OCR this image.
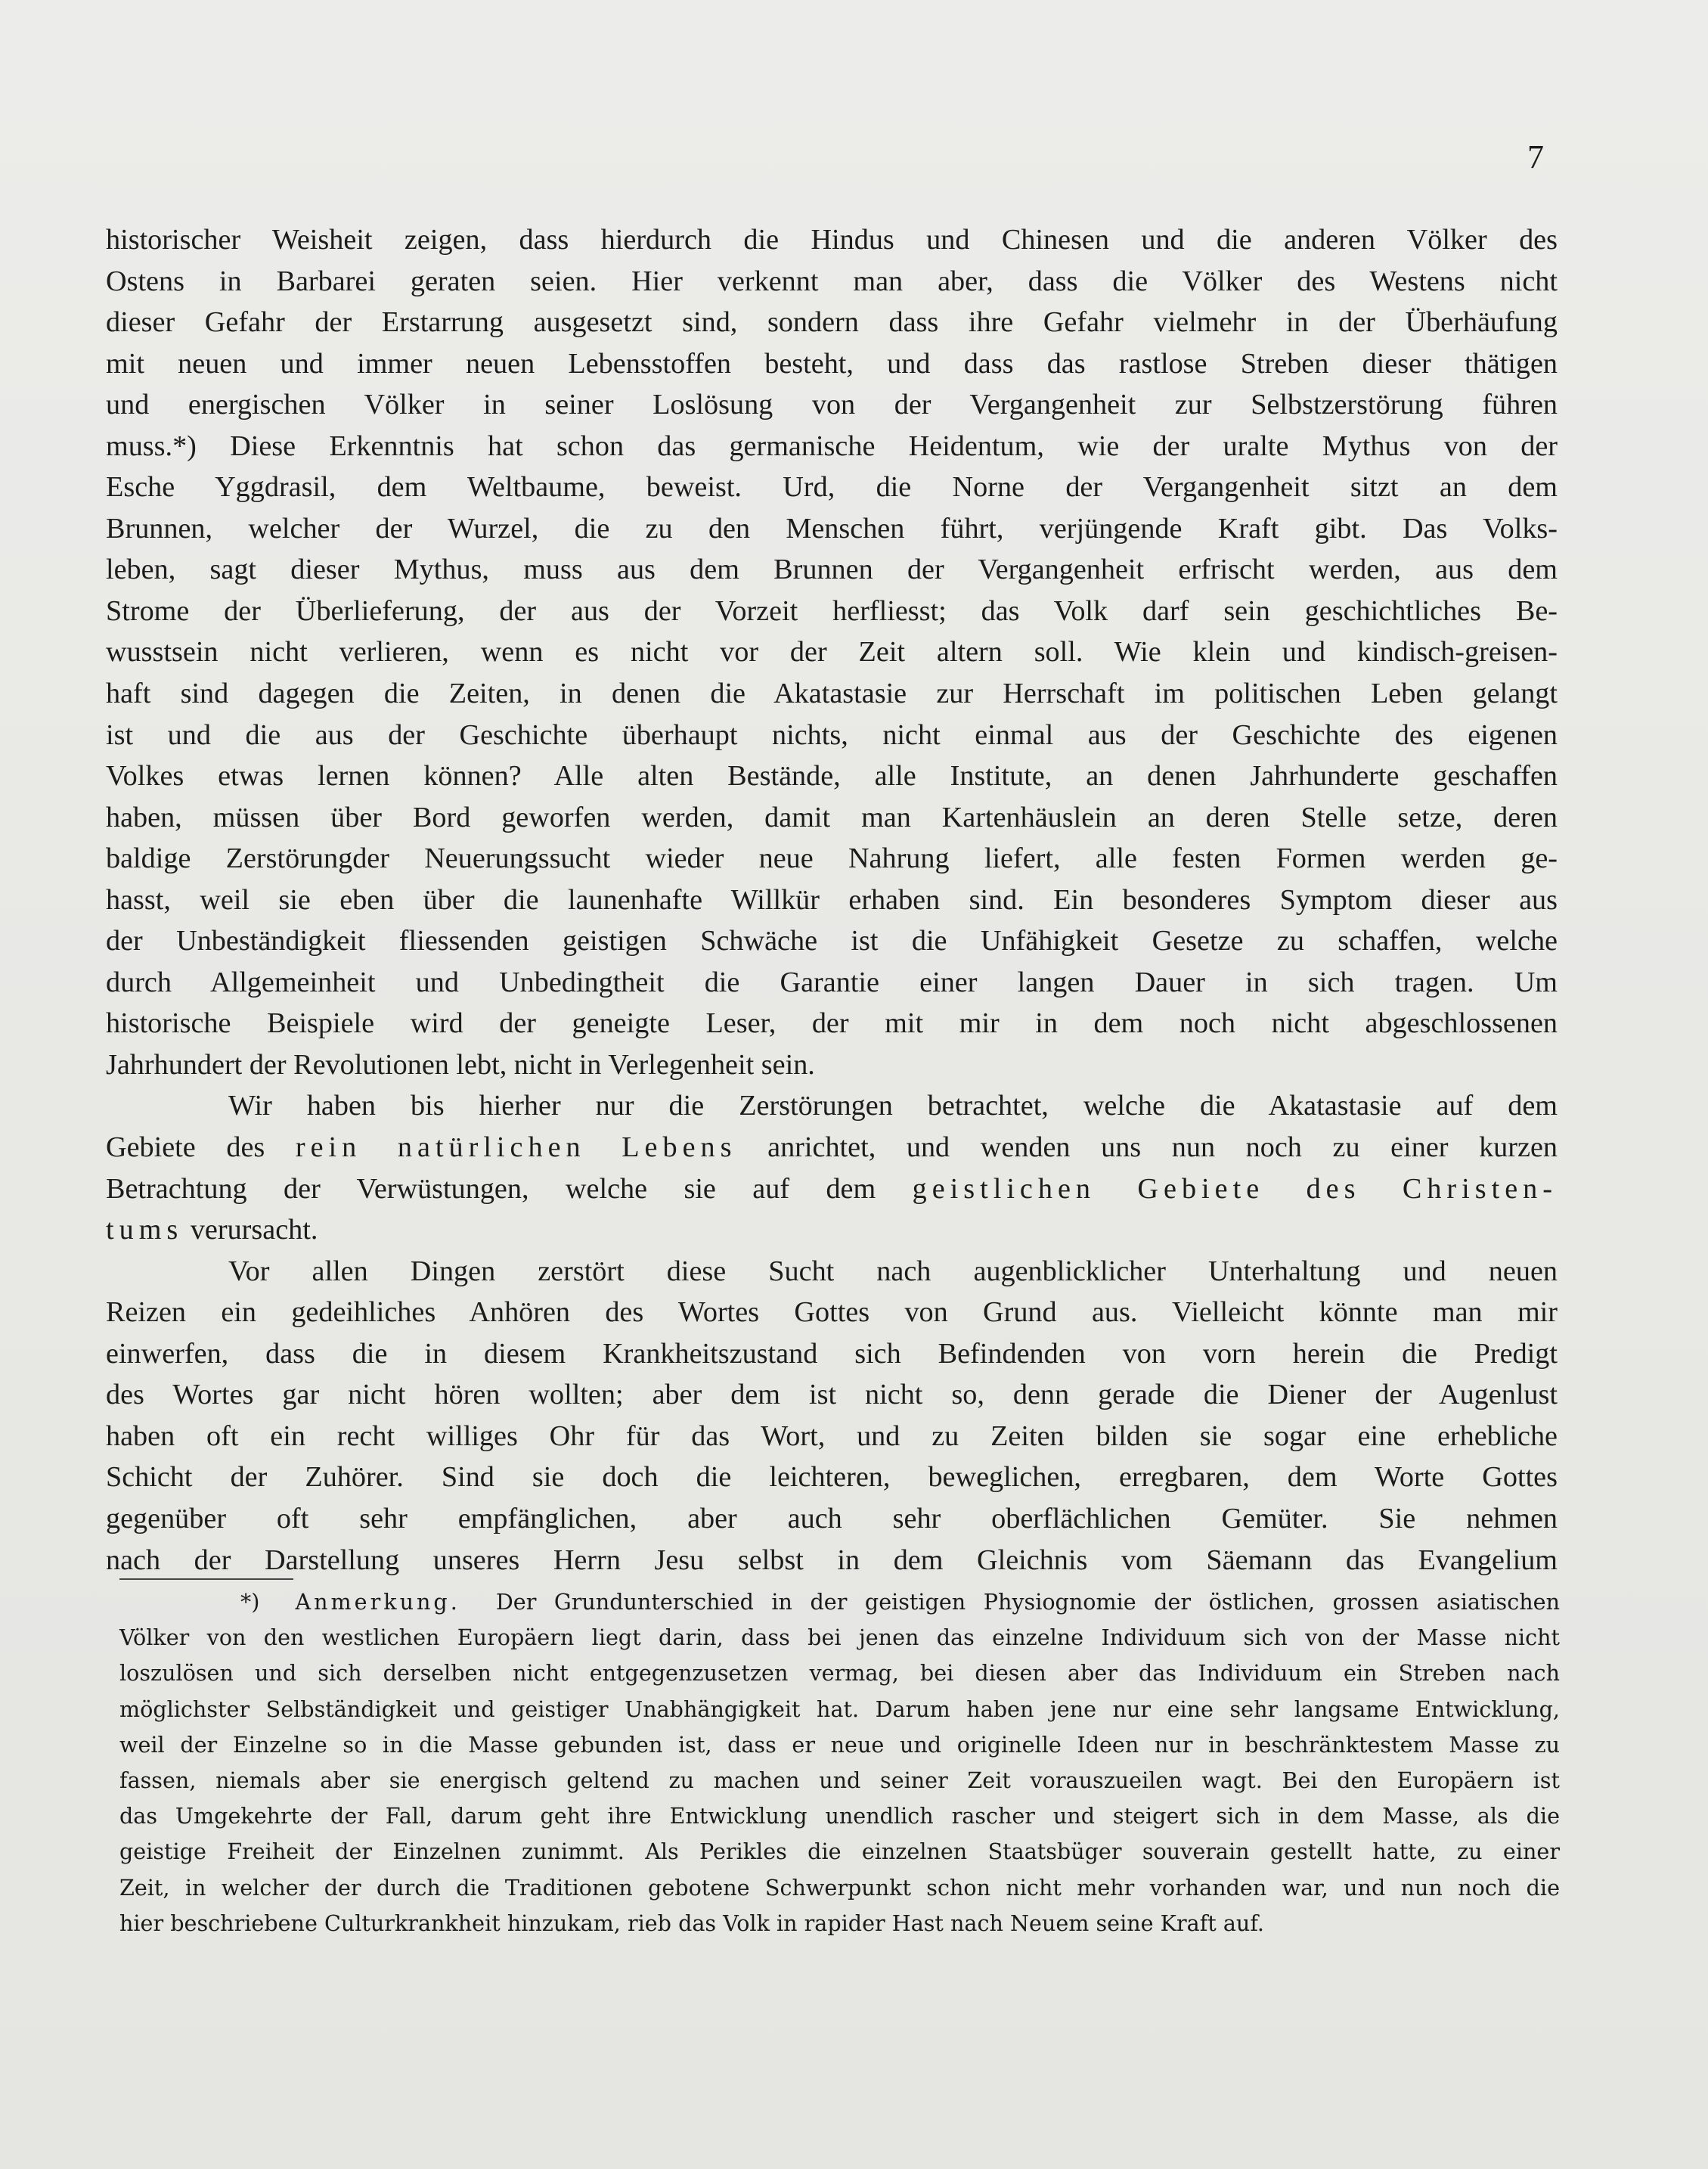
7
historischer Weisheit zeigen, dass hierdurch die Hindus und Chinesen und die anderen Völker des
Ostens in Barbarei geraten seien. Hier verkennt man aber, dass die Völker des Westens nicht
dieser Gefahr der Erstarrung ausgesetzt sind, sondern dass ihre Gefahr vielmehr in der Überhäufung
mit neuen und immer neuen Lebensstoffen besteht, und dass das rastlose Streben dieser thätigen
und energischen Völker in seiner Loslösung von der Vergangenheit zur Selbstzerstörung führen
muss.*) Diese Erkenntnis hat schon das germanische Heidentum, wie der uralte Mythus von der
Esche Yggdrasil, dem Weltbaume, beweist. Urd, die Norne der Vergangenheit sitzt an dem
Brunnen, welcher der Wurzel, die zu den Menschen führt, verjüngende Kraft gibt. Das Volks-
leben, sagt dieser Mythus, muss aus dem Brunnen der Vergangenheit erfrischt werden, aus dem
Strome der Überlieferung, der aus der Vorzeit herfliesst; das Volk darf sein geschichtliches Be-
wusstsein nicht verlieren, wenn es nicht vor der Zeit altern soll. Wie klein und kindisch-greisen-
haft sind dagegen die Zeiten, in denen die Akatastasie zur Herrschaft im politischen Leben gelangt
ist und die aus der Geschichte überhaupt nichts, nicht einmal aus der Geschichte des eigenen
Volkes etwas lernen können? Alle alten Bestände, alle Institute, an denen Jahrhunderte geschaffen
haben, müssen über Bord geworfen werden, damit man Kartenhäuslein an deren Stelle setze, deren
baldige Zerstörungder Neuerungssucht wieder neue Nahrung liefert, alle festen Formen werden ge-
hasst, weil sie eben über die launenhafte Willkür erhaben sind. Ein besonderes Symptom dieser aus
der Unbeständigkeit fliessenden geistigen Schwäche ist die Unfähigkeit Gesetze zu schaffen, welche
durch Allgemeinheit und Unbedingtheit die Garantie einer langen Dauer in sich tragen. Um
historische Beispiele wird der geneigte Leser, der mit mir in dem noch nicht abgeschlossenen
Jahrhundert der Revolutionen lebt, nicht in Verlegenheit sein.
Wir haben bis hierher nur die Zerstörungen betrachtet, welche die Akatastasie auf dem
Gebiete des rein natürlichen Lebens anrichtet, und wenden uns nun noch zu einer kurzen
Betrachtung der Verwüstungen, welche sie auf dem geistlichen Gebiete des Christen-
tums verursacht.
Vor allen Dingen zerstört diese Sucht nach augenblicklicher Unterhaltung und neuen
Reizen ein gedeihliches Anhören des Wortes Gottes von Grund aus. Vielleicht könnte man mir
einwerfen, dass die in diesem Krankheitszustand sich Befindenden von vorn herein die Predigt
des Wortes gar nicht hören wollten; aber dem ist nicht so, denn gerade die Diener der Augenlust
haben oft ein recht williges Ohr für das Wort, und zu Zeiten bilden sie sogar eine erhebliche
Schicht der Zuhörer. Sind sie doch die leichteren, beweglichen, erregbaren, dem Worte Gottes
gegenüber oft sehr empfänglichen, aber auch sehr oberflächlichen Gemüter. Sie nehmen
nach der Darstellung unseres Herrn Jesu selbst in dem Gleichnis vom Säemann das Evangelium
*) Anmerkung. Der Grundunterschied in der geistigen Physiognomie der östlichen, grossen asiatischen
Völker von den westlichen Europäern liegt darin, dass bei jenen das einzelne Individuum sich von der Masse nicht
loszulösen und sich derselben nicht entgegenzusetzen vermag, bei diesen aber das Individuum ein Streben nach
möglichster Selbständigkeit und geistiger Unabhängigkeit hat. Darum haben jene nur eine sehr langsame Entwicklung,
weil der Einzelne so in die Masse gebunden ist, dass er neue und originelle Ideen nur in beschränktestem Masse zu
fassen, niemals aber sie energisch geltend zu machen und seiner Zeit vorauszueilen wagt. Bei den Europäern ist
das Umgekehrte der Fall, darum geht ihre Entwicklung unendlich rascher und steigert sich in dem Masse, als die
geistige Freiheit der Einzelnen zunimmt. Als Perikles die einzelnen Staatsbüger souverain gestellt hatte, zu einer
Zeit, in welcher der durch die Traditionen gebotene Schwerpunkt schon nicht mehr vorhanden war, und nun noch die
hier beschriebene Culturkrankheit hinzukam, rieb das Volk in rapider Hast nach Neuem seine Kraft auf.
